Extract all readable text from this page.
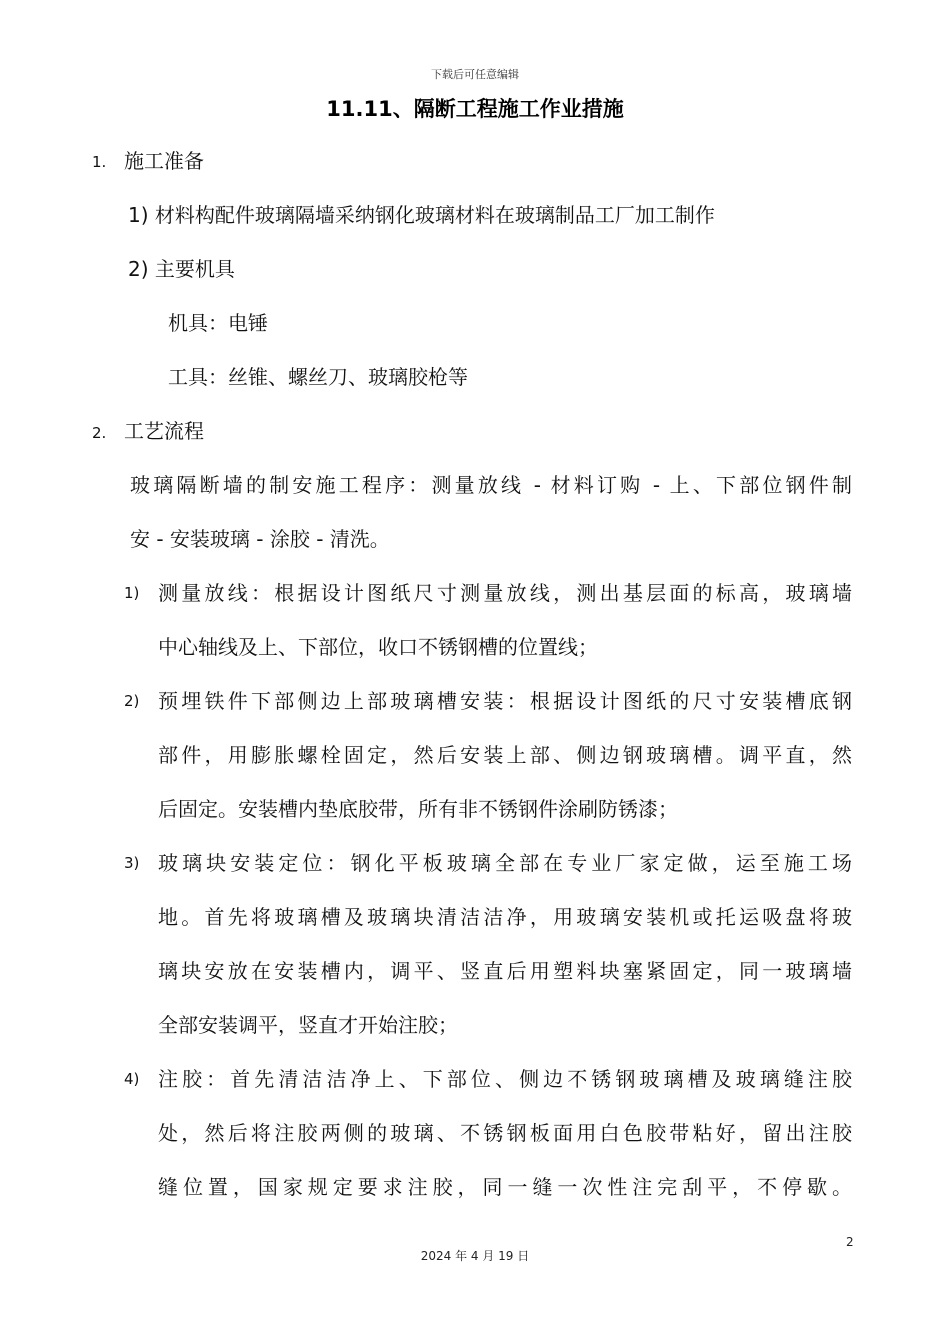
下载后可任意编辑
11.11、隔断工程施工作业措施
1. 施工准备
1) 材料构配件玻璃隔墙采纳钢化玻璃材料在玻璃制品工厂加工制作
2) 主要机具
机具：电锤
工具：丝锥、螺丝刀、玻璃胶枪等
2. 工艺流程
玻璃隔断墙的制安施工程序：测量放线 - 材料订购 - 上、下部位钢件制
安 - 安装玻璃 - 涂胶 - 清洗。
1) 测量放线：根据设计图纸尺寸测量放线，测出基层面的标高，玻璃墙
中心轴线及上、下部位，收口不锈钢槽的位置线；
2) 预埋铁件下部侧边上部玻璃槽安装：根据设计图纸的尺寸安装槽底钢
部件，用膨胀螺栓固定，然后安装上部、侧边钢玻璃槽。调平直，然
后固定。安装槽内垫底胶带，所有非不锈钢件涂刷防锈漆；
3) 玻璃块安装定位：钢化平板玻璃全部在专业厂家定做，运至施工场
地。首先将玻璃槽及玻璃块清洁洁净，用玻璃安装机或托运吸盘将玻
璃块安放在安装槽内，调平、竖直后用塑料块塞紧固定，同一玻璃墙
全部安装调平，竖直才开始注胶；
4) 注胶：首先清洁洁净上、下部位、侧边不锈钢玻璃槽及玻璃缝注胶
处，然后将注胶两侧的玻璃、不锈钢板面用白色胶带粘好，留出注胶
缝位置，国家规定要求注胶，同一缝一次性注完刮平，不停歇。
2
2024 年 4 月 19 日
